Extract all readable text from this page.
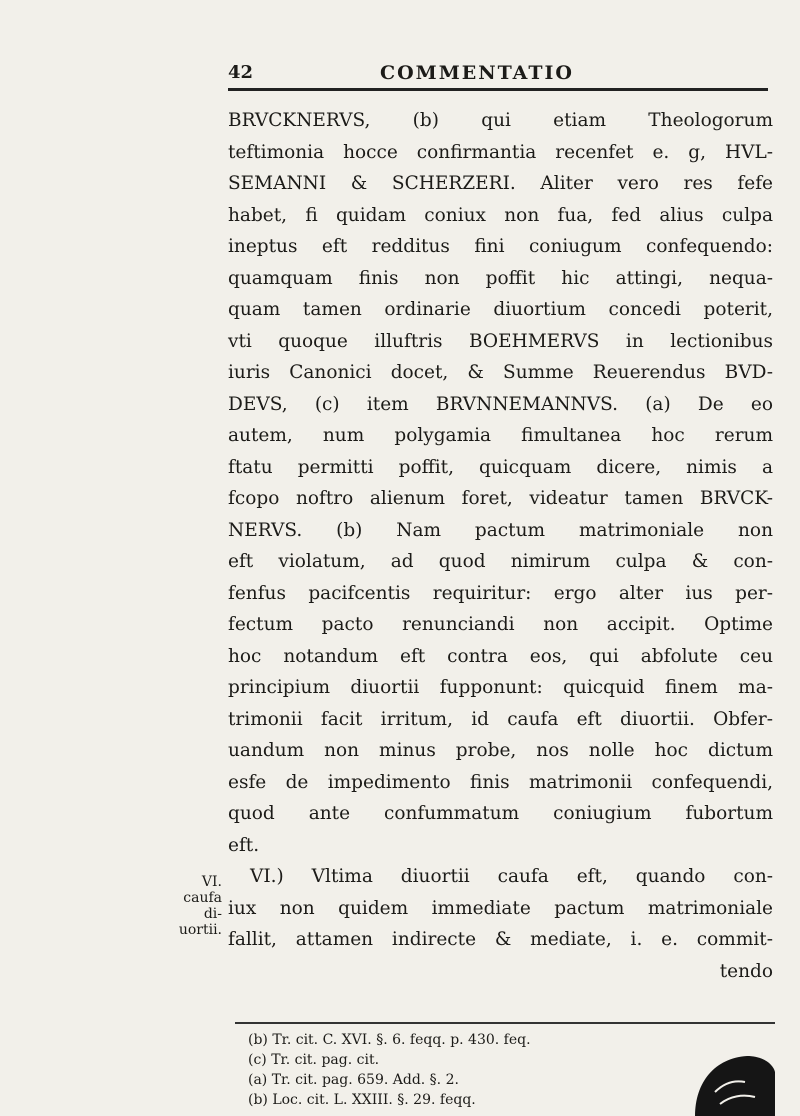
42	COMMENTATIO
BRVCKNERVS, (b) qui etiam Theologorum
teftimonia hocce confirmantia recenfet e. g, HVL-
SEMANNI & SCHERZERI. Aliter vero res fefe
habet, fi quidam coniux non fua, fed alius culpa
ineptus eft redditus fini coniugum confequendo:
quamquam finis non poffit hic attingi, nequa-
quam tamen ordinarie diuortium concedi poterit,
vti quoque illuftris BOEHMERVS in lectionibus
iuris Canonici docet, & Summe Reuerendus BVD-
DEVS, (c) item BRVNNEMANNVS. (a) De eo
autem, num polygamia fimultanea hoc rerum
ftatu permitti poffit, quicquam dicere, nimis a
fcopo noftro alienum foret, videatur tamen BRVCK-
NERVS. (b) Nam pactum matrimoniale non
eft violatum, ad quod nimirum culpa & con-
fenfus pacifcentis requiritur: ergo alter ius per-
fectum pacto renunciandi non accipit. Optime
hoc notandum eft contra eos, qui abfolute ceu
principium diuortii fupponunt: quicquid finem ma-
trimonii facit irritum, id caufa eft diuortii. Obfer-
uandum non minus probe, nos nolle hoc dictum
esfe de impedimento finis matrimonii confequendi,
quod ante confummatum coniugium fubortum
eft.
VI.) Vltima diuortii caufa eft, quando con-
iux non quidem immediate pactum matrimoniale
fallit, attamen indirecte & mediate, i. e. commit-
tendo
VI.
caufa di-
uortii.
(b) Tr. cit. C. XVI. §. 6. feqq. p. 430. feq.
(c) Tr. cit. pag. cit.
(a) Tr. cit. pag. 659. Add. §. 2.
(b) Loc. cit. L. XXIII. §. 29. feqq.
